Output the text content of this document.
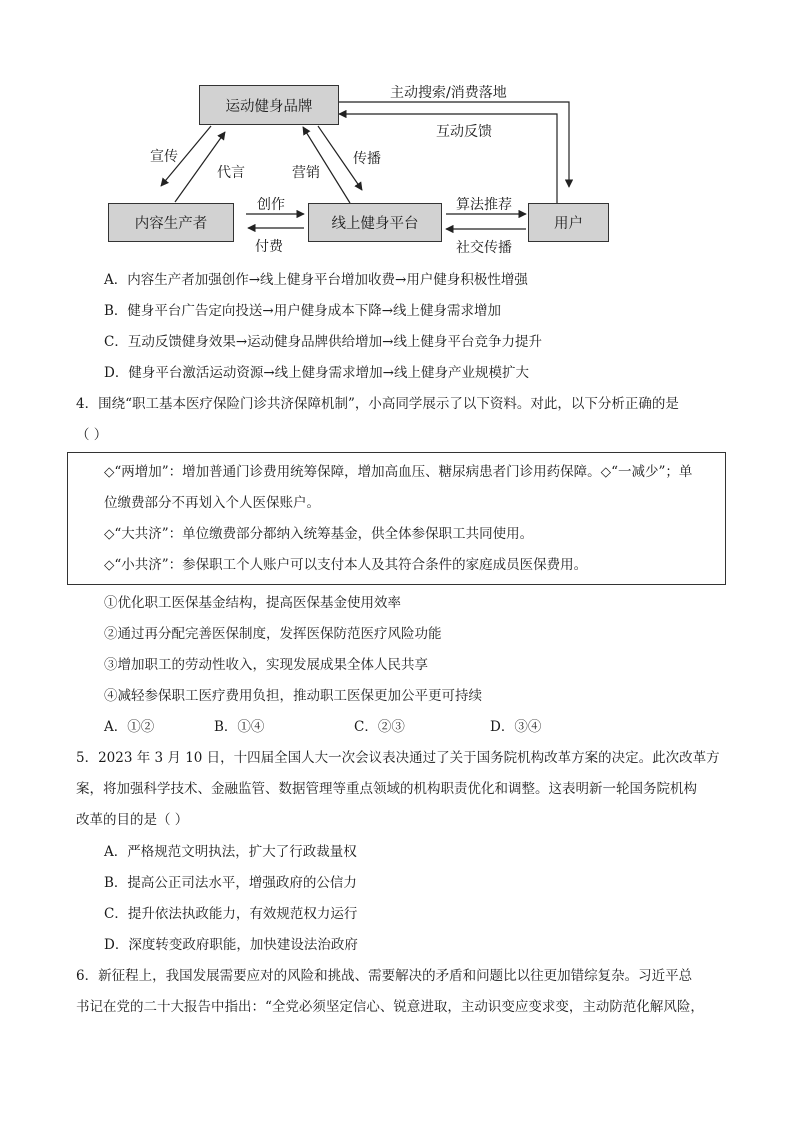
运动健身品牌
内容生产者	线上健身平台	用户
主动搜索/消费落地
互动反馈
宣传
代言	营销
传播
创作
付费
算法推荐
社交传播
A．内容生产者加强创作→线上健身平台增加收费→用户健身积极性增强
B．健身平台广告定向投送→用户健身成本下降→线上健身需求增加
C．互动反馈健身效果→运动健身品牌供给增加→线上健身平台竞争力提升
D．健身平台激活运动资源→线上健身需求增加→线上健身产业规模扩大
4．围绕“职工基本医疗保险门诊共济保障机制”，小高同学展示了以下资料。对此，以下分析正确的是
（ ）
◇“两增加”：增加普通门诊费用统筹保障，增加高血压、糖尿病患者门诊用药保障。◇“一减少”；单
位缴费部分不再划入个人医保账户。
◇“大共济”：单位缴费部分都纳入统筹基金，供全体参保职工共同使用。
◇“小共济”：参保职工个人账户可以支付本人及其符合条件的家庭成员医保费用。
①优化职工医保基金结构，提高医保基金使用效率
②通过再分配完善医保制度，发挥医保防范医疗风险功能
③增加职工的劳动性收入，实现发展成果全体人民共享
④减轻参保职工医疗费用负担，推动职工医保更加公平更可持续
A．①②	B．①④	C．②③	D．③④
5．2023 年 3 月 10 日，十四届全国人大一次会议表决通过了关于国务院机构改革方案的决定。此次改革方
案，将加强科学技术、金融监管、数据管理等重点领域的机构职责优化和调整。这表明新一轮国务院机构
改革的目的是（ ）
A．严格规范文明执法，扩大了行政裁量权
B．提高公正司法水平，增强政府的公信力
C．提升依法执政能力，有效规范权力运行
D．深度转变政府职能，加快建设法治政府
6．新征程上，我国发展需要应对的风险和挑战、需要解决的矛盾和问题比以往更加错综复杂。习近平总
书记在党的二十大报告中指出：“全党必须坚定信心、锐意进取，主动识变应变求变，主动防范化解风险，
